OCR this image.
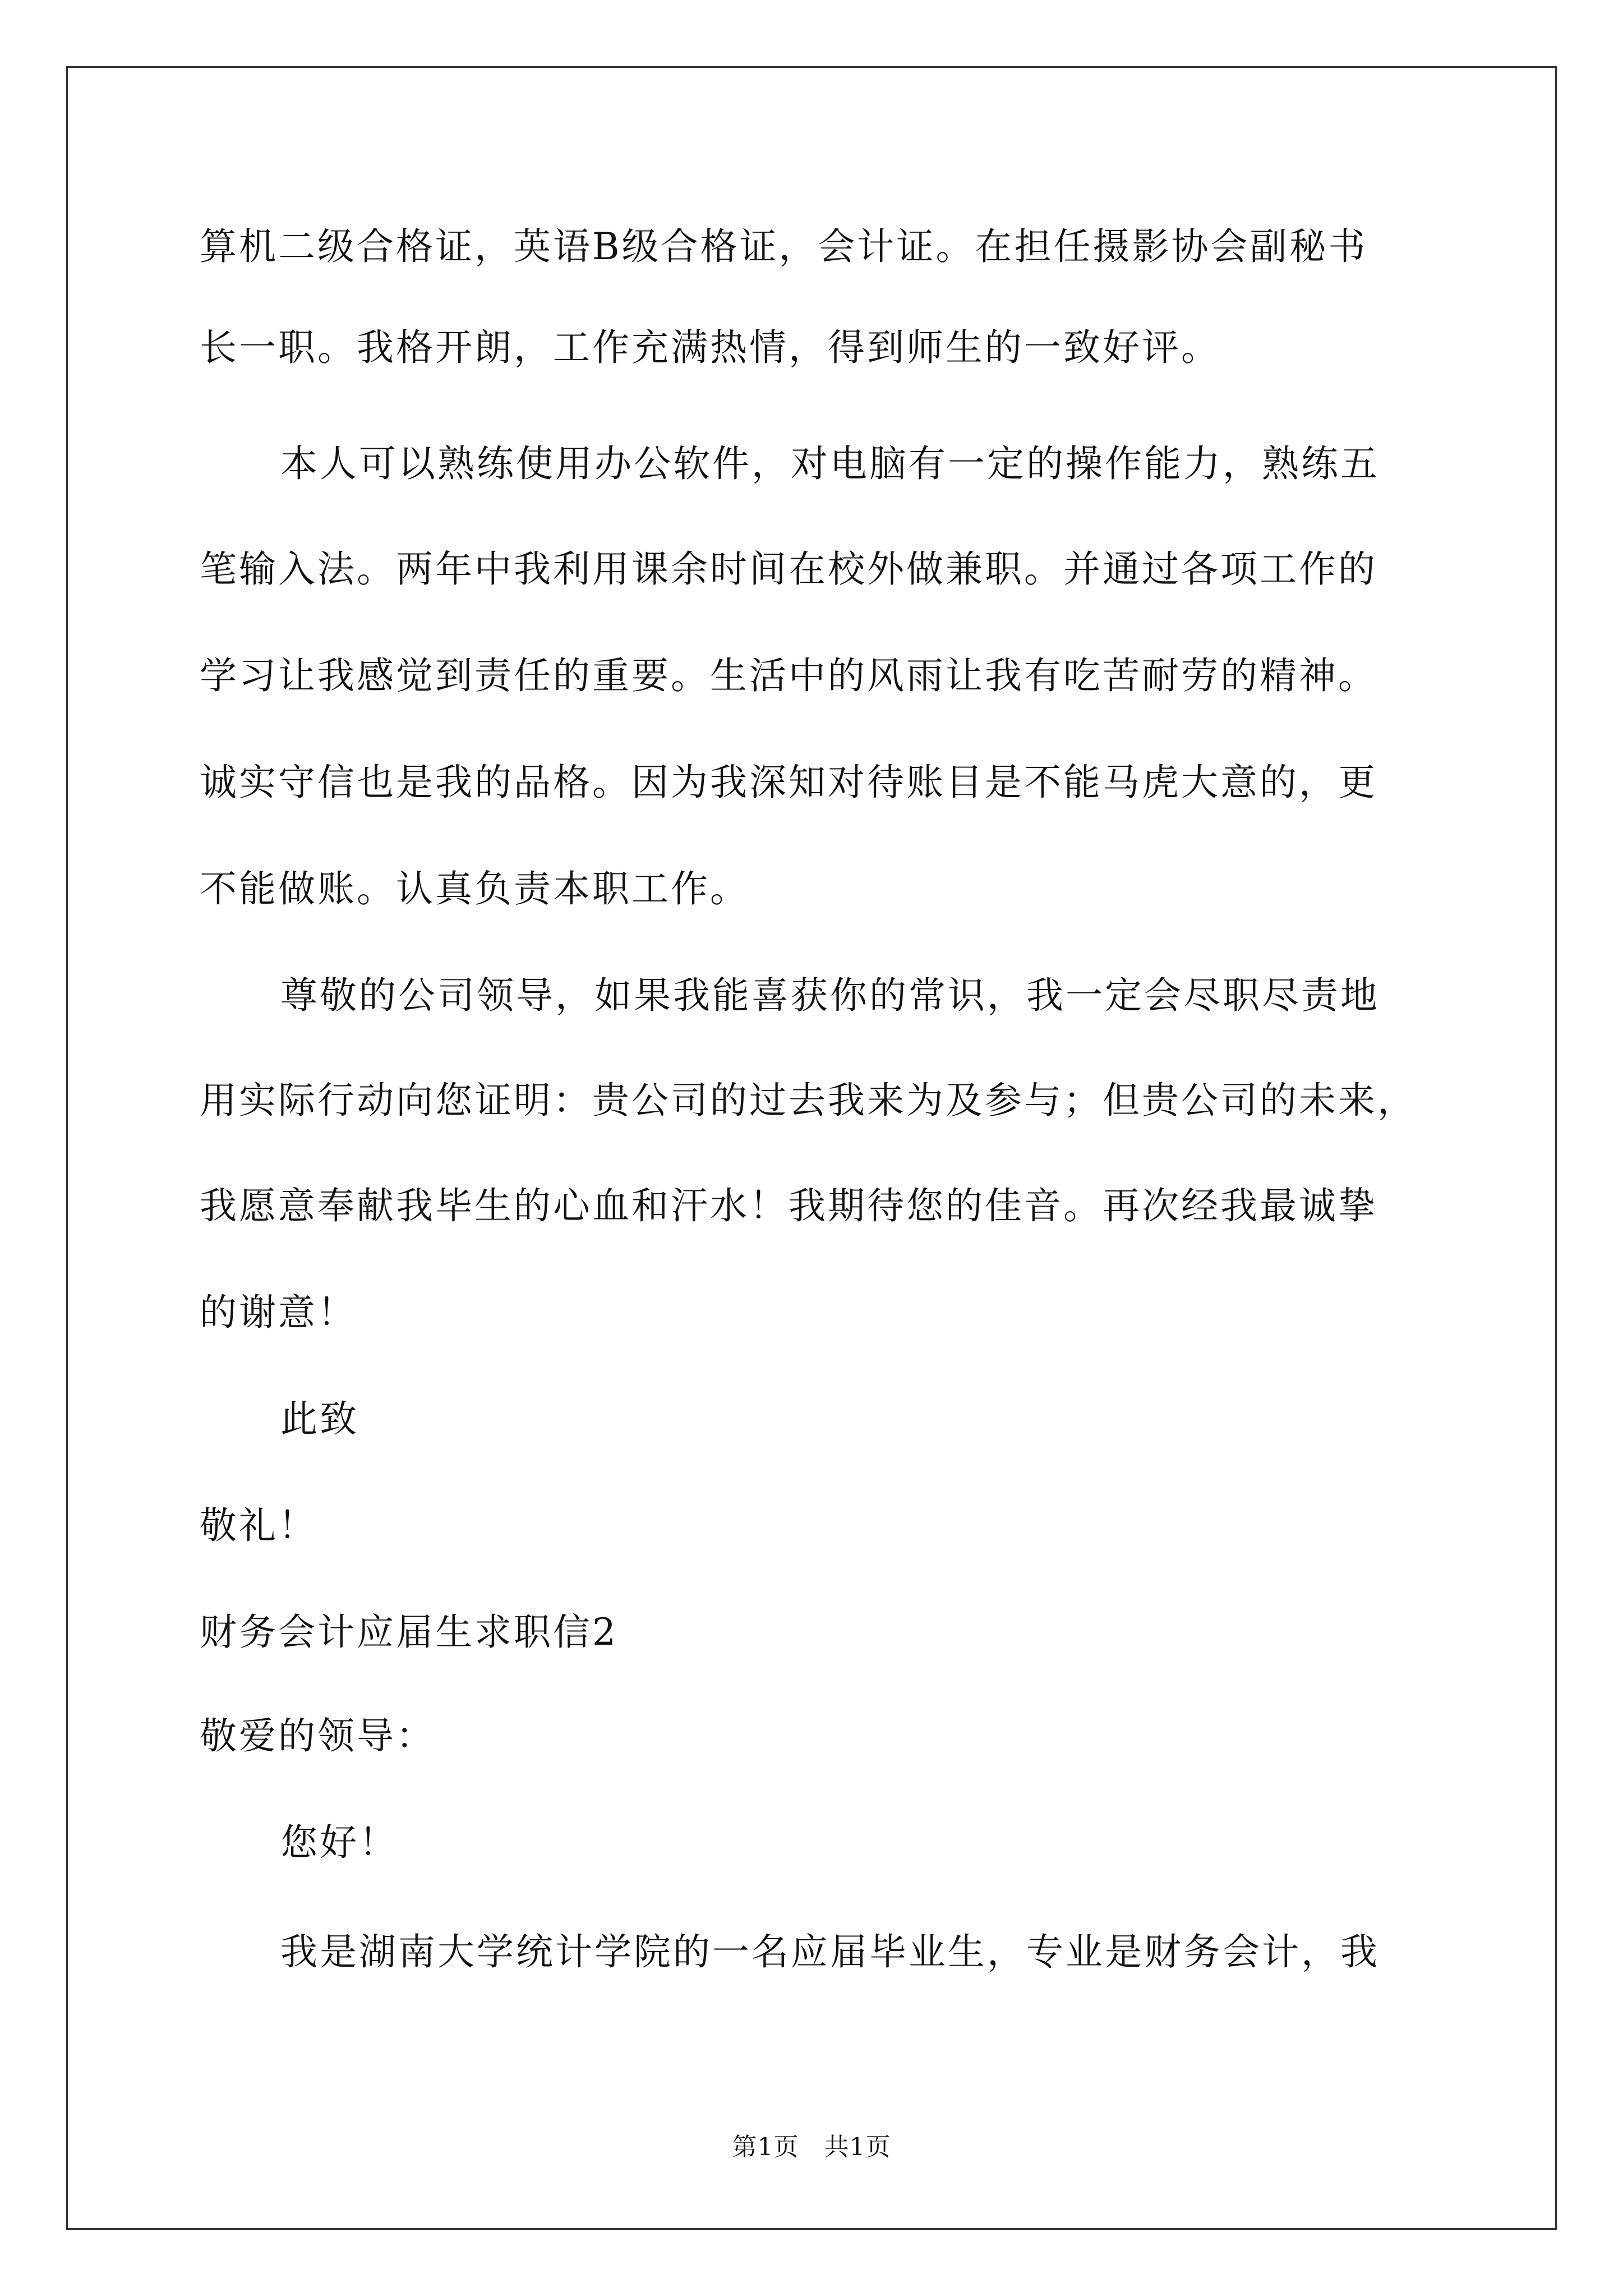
算机二级合格证，英语B级合格证，会计证。在担任摄影协会副秘书
长一职。我格开朗，工作充满热情，得到师生的一致好评。
本人可以熟练使用办公软件，对电脑有一定的操作能力，熟练五
笔输入法。两年中我利用课余时间在校外做兼职。并通过各项工作的
学习让我感觉到责任的重要。生活中的风雨让我有吃苦耐劳的精神。
诚实守信也是我的品格。因为我深知对待账目是不能马虎大意的，更
不能做账。认真负责本职工作。
尊敬的公司领导，如果我能喜获你的常识，我一定会尽职尽责地
用实际行动向您证明：贵公司的过去我来为及参与；但贵公司的未来，
我愿意奉献我毕生的心血和汗水！我期待您的佳音。再次经我最诚挚
的谢意！
此致
敬礼！
财务会计应届生求职信2
敬爱的领导：
您好！
我是湖南大学统计学院的一名应届毕业生，专业是财务会计，我
第1页　共1页
